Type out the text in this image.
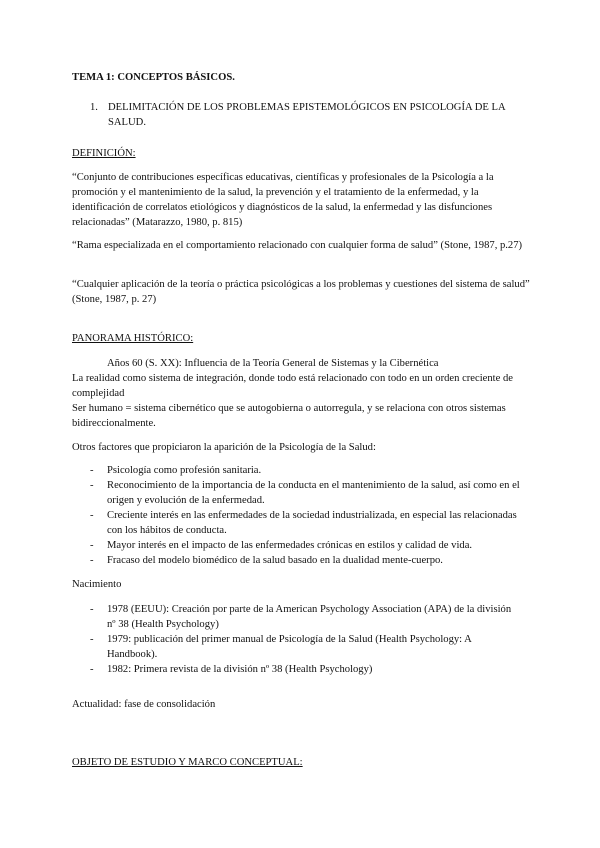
TEMA 1: CONCEPTOS BÁSICOS.
1. DELIMITACIÓN DE LOS PROBLEMAS EPISTEMOLÓGICOS EN PSICOLOGÍA DE LA SALUD.
DEFINICIÓN:
“Conjunto de contribuciones específicas educativas, científicas y profesionales de la Psicología a la promoción y el mantenimiento de la salud, la prevención y el tratamiento de la enfermedad, y la identificación de correlatos etiológicos y diagnósticos de la salud, la enfermedad y las disfunciones relacionadas” (Matarazzo, 1980, p. 815)
“Rama especializada en el comportamiento relacionado con cualquier forma de salud” (Stone, 1987, p.27)
“Cualquier aplicación de la teoría o práctica psicológicas a los problemas y cuestiones del sistema de salud” (Stone, 1987, p. 27)
PANORAMA HISTÓRICO:
Años 60 (S. XX): Influencia de la Teoría General de Sistemas y la Cibernética
La realidad como sistema de integración, donde todo está relacionado con todo en un orden creciente de complejidad
Ser humano = sistema cibernético que se autogobierna o autorregula, y se relaciona con otros sistemas bidireccionalmente.
Otros factores que propiciaron la aparición de la Psicología de la Salud:
- Psicología como profesión sanitaria.
- Reconocimiento de la importancia de la conducta en el mantenimiento de la salud, así como en el origen y evolución de la enfermedad.
- Creciente interés en las enfermedades de la sociedad industrializada, en especial las relacionadas con los hábitos de conducta.
- Mayor interés en el impacto de las enfermedades crónicas en estilos y calidad de vida.
- Fracaso del modelo biomédico de la salud basado en la dualidad mente-cuerpo.
Nacimiento
- 1978 (EEUU): Creación por parte de la American Psychology Association (APA) de la división nº 38 (Health Psychology)
- 1979: publicación del primer manual de Psicología de la Salud (Health Psychology: A Handbook).
- 1982: Primera revista de la división nº 38 (Health Psychology)
Actualidad: fase de consolidación
OBJETO DE ESTUDIO Y MARCO CONCEPTUAL:
